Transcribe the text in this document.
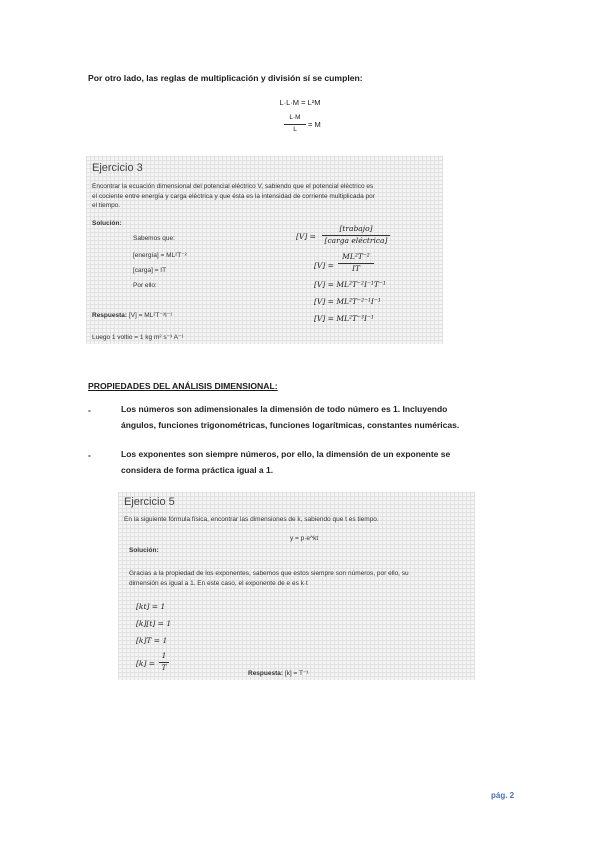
Por otro lado, las reglas de multiplicación y división sí se cumplen:
L·L·M = L²M
L·M
L
= M
Ejercicio 3
Encontrar la ecuación dimensional del potencial eléctrico V, sabiendo que el potencial eléctrico es
el cociente entre energía y carga eléctrica y que ésta es la intensidad de corriente multiplicada por
el tiempo.
Solución:
Sabemos que:
[energía] = ML²T⁻²
[carga] = IT
Por ello:
[V] =
[trabajo]
[carga eléctrica]
[V] =
ML²T⁻²
IT
[V] = ML²T⁻²I⁻¹T⁻¹
[V] = ML²T⁻²⁻¹I⁻¹
[V] = ML²T⁻³I⁻¹
Respuesta: [V] = ML²T⁻³I⁻¹
Luego 1 voltio = 1 kg m² s⁻³ A⁻¹
PROPIEDADES DEL ANÁLISIS DIMENSIONAL:
-	Los números son adimensionales la dimensión de todo número es 1. Incluyendo
ángulos, funciones trigonométricas, funciones logarítmicas, constantes numéricas.
-	Los exponentes son siempre números, por ello, la dimensión de un exponente se
considera de forma práctica igual a 1.
Ejercicio 5
En la siguiente fórmula física, encontrar las dimensiones de k, sabiendo que t es tiempo.
y = p·e^kt
Solución:
Gracias a la propiedad de los exponentes, sabemos que estos siempre son números, por ello, su
dimensión es igual a 1. En este caso, el exponente de e es k·t
[kt] = 1
[k][t] = 1
[k]T = 1
[k] =
1
T
Respuesta: [k] = T⁻¹
pág. 2
